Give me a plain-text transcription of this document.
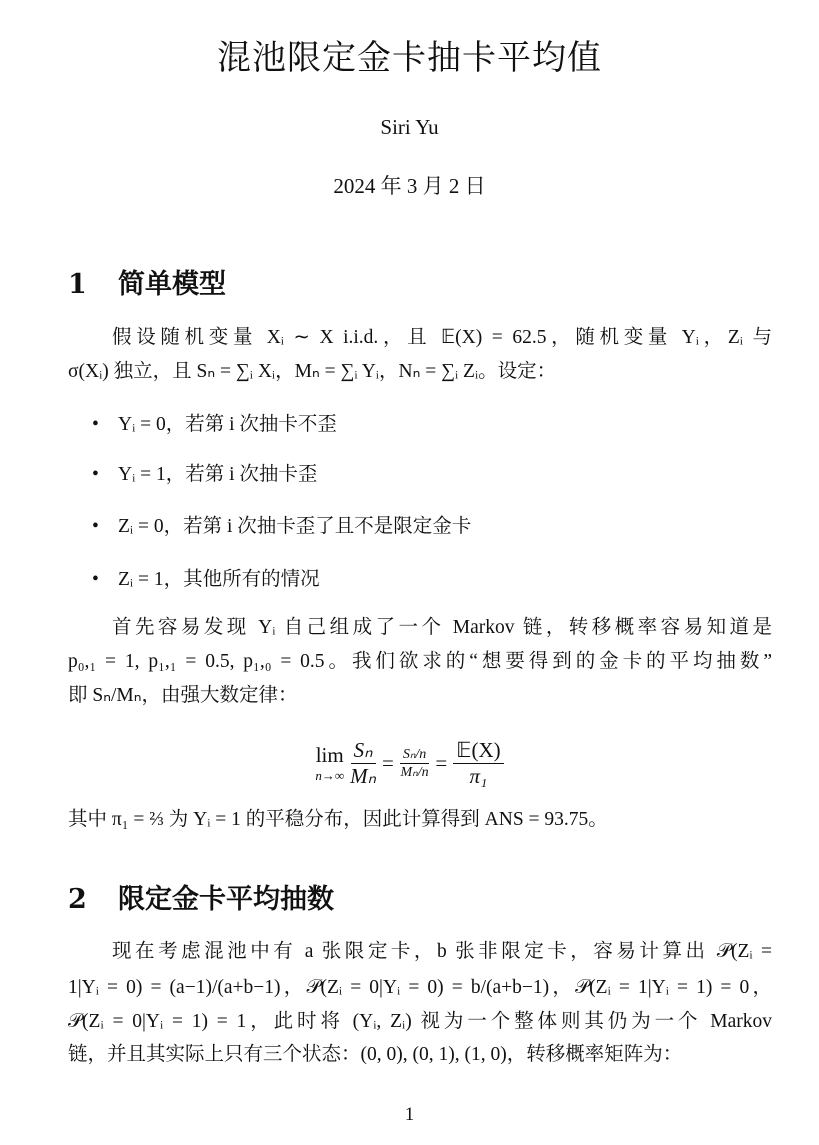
混池限定金卡抽卡平均值
Siri Yu
2024 年 3 月 2 日
1 简单模型
假设随机变量 Xᵢ ∼ X i.i.d.，且 𝔼(X) = 62.5，随机变量 Yᵢ，Zᵢ 与
σ(Xᵢ) 独立，且 Sₙ = ∑ᵢ Xᵢ，Mₙ = ∑ᵢ Yᵢ，Nₙ = ∑ᵢ Zᵢ。设定：
• Yᵢ = 0，若第 i 次抽卡不歪
• Yᵢ = 1，若第 i 次抽卡歪
• Zᵢ = 0，若第 i 次抽卡歪了且不是限定金卡
• Zᵢ = 1，其他所有的情况
首先容易发现 Yᵢ 自己组成了一个 Markov 链，转移概率容易知道是
p₀,₁ = 1, p₁,₁ = 0.5, p₁,₀ = 0.5。我们欲求的“想要得到的金卡的平均抽数”
即 Sₙ/Mₙ，由强大数定律：
lim
$n\to\infty \frac{\text{Sₙ}}{\text{Mₙ}} = \frac{\text{Sₙ/n}}{\text{Mₙ/n}} = \frac{\text{𝔼(X)}}{\text{π₁}}$
其中 π₁ = ⅔ 为 Yᵢ = 1 的平稳分布，因此计算得到 ANS = 93.75。
2 限定金卡平均抽数
现在考虑混池中有 a 张限定卡，b 张非限定卡，容易计算出 𝒫(Zᵢ =
1|Yᵢ = 0) = (a−1)/(a+b−1)，𝒫(Zᵢ = 0|Yᵢ = 0) = b/(a+b−1)，𝒫(Zᵢ = 1|Yᵢ = 1) = 0，
𝒫(Zᵢ = 0|Yᵢ = 1) = 1，此时将 (Yᵢ, Zᵢ) 视为一个整体则其仍为一个 Markov
链，并且其实际上只有三个状态：(0, 0), (0, 1), (1, 0)，转移概率矩阵为：
1
